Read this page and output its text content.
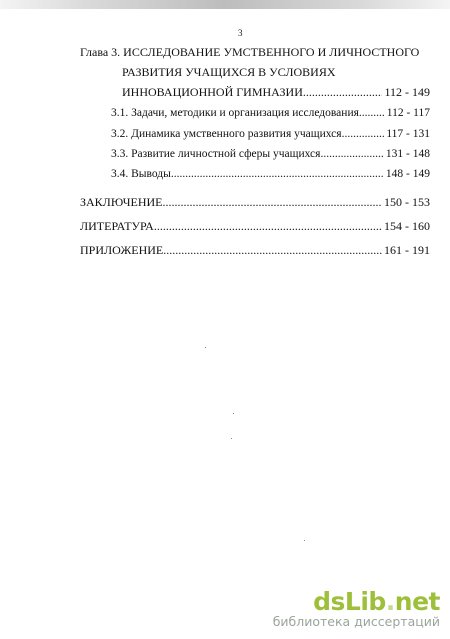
3
Глава 3. ИССЛЕДОВАНИЕ УМСТВЕННОГО И ЛИЧНОСТНОГО
РАЗВИТИЯ УЧАЩИХСЯ В УСЛОВИЯХ
ИННОВАЦИОННОЙ ГИМНАЗИИ .....	112 - 149
3.1. Задачи, методики и организация исследования ..... 112 - 117
3.2. Динамика умственного развития учащихся .....	117 - 131
3.3. Развитие личностной сферы учащихся .....	131 - 148
3.4. Выводы .....	148 - 149
ЗАКЛЮЧЕНИЕ .....	150 - 153
ЛИТЕРАТУРА .....	154 - 160
ПРИЛОЖЕНИЕ .....	161 - 191
dsLib.net
библиотека диссертаций
